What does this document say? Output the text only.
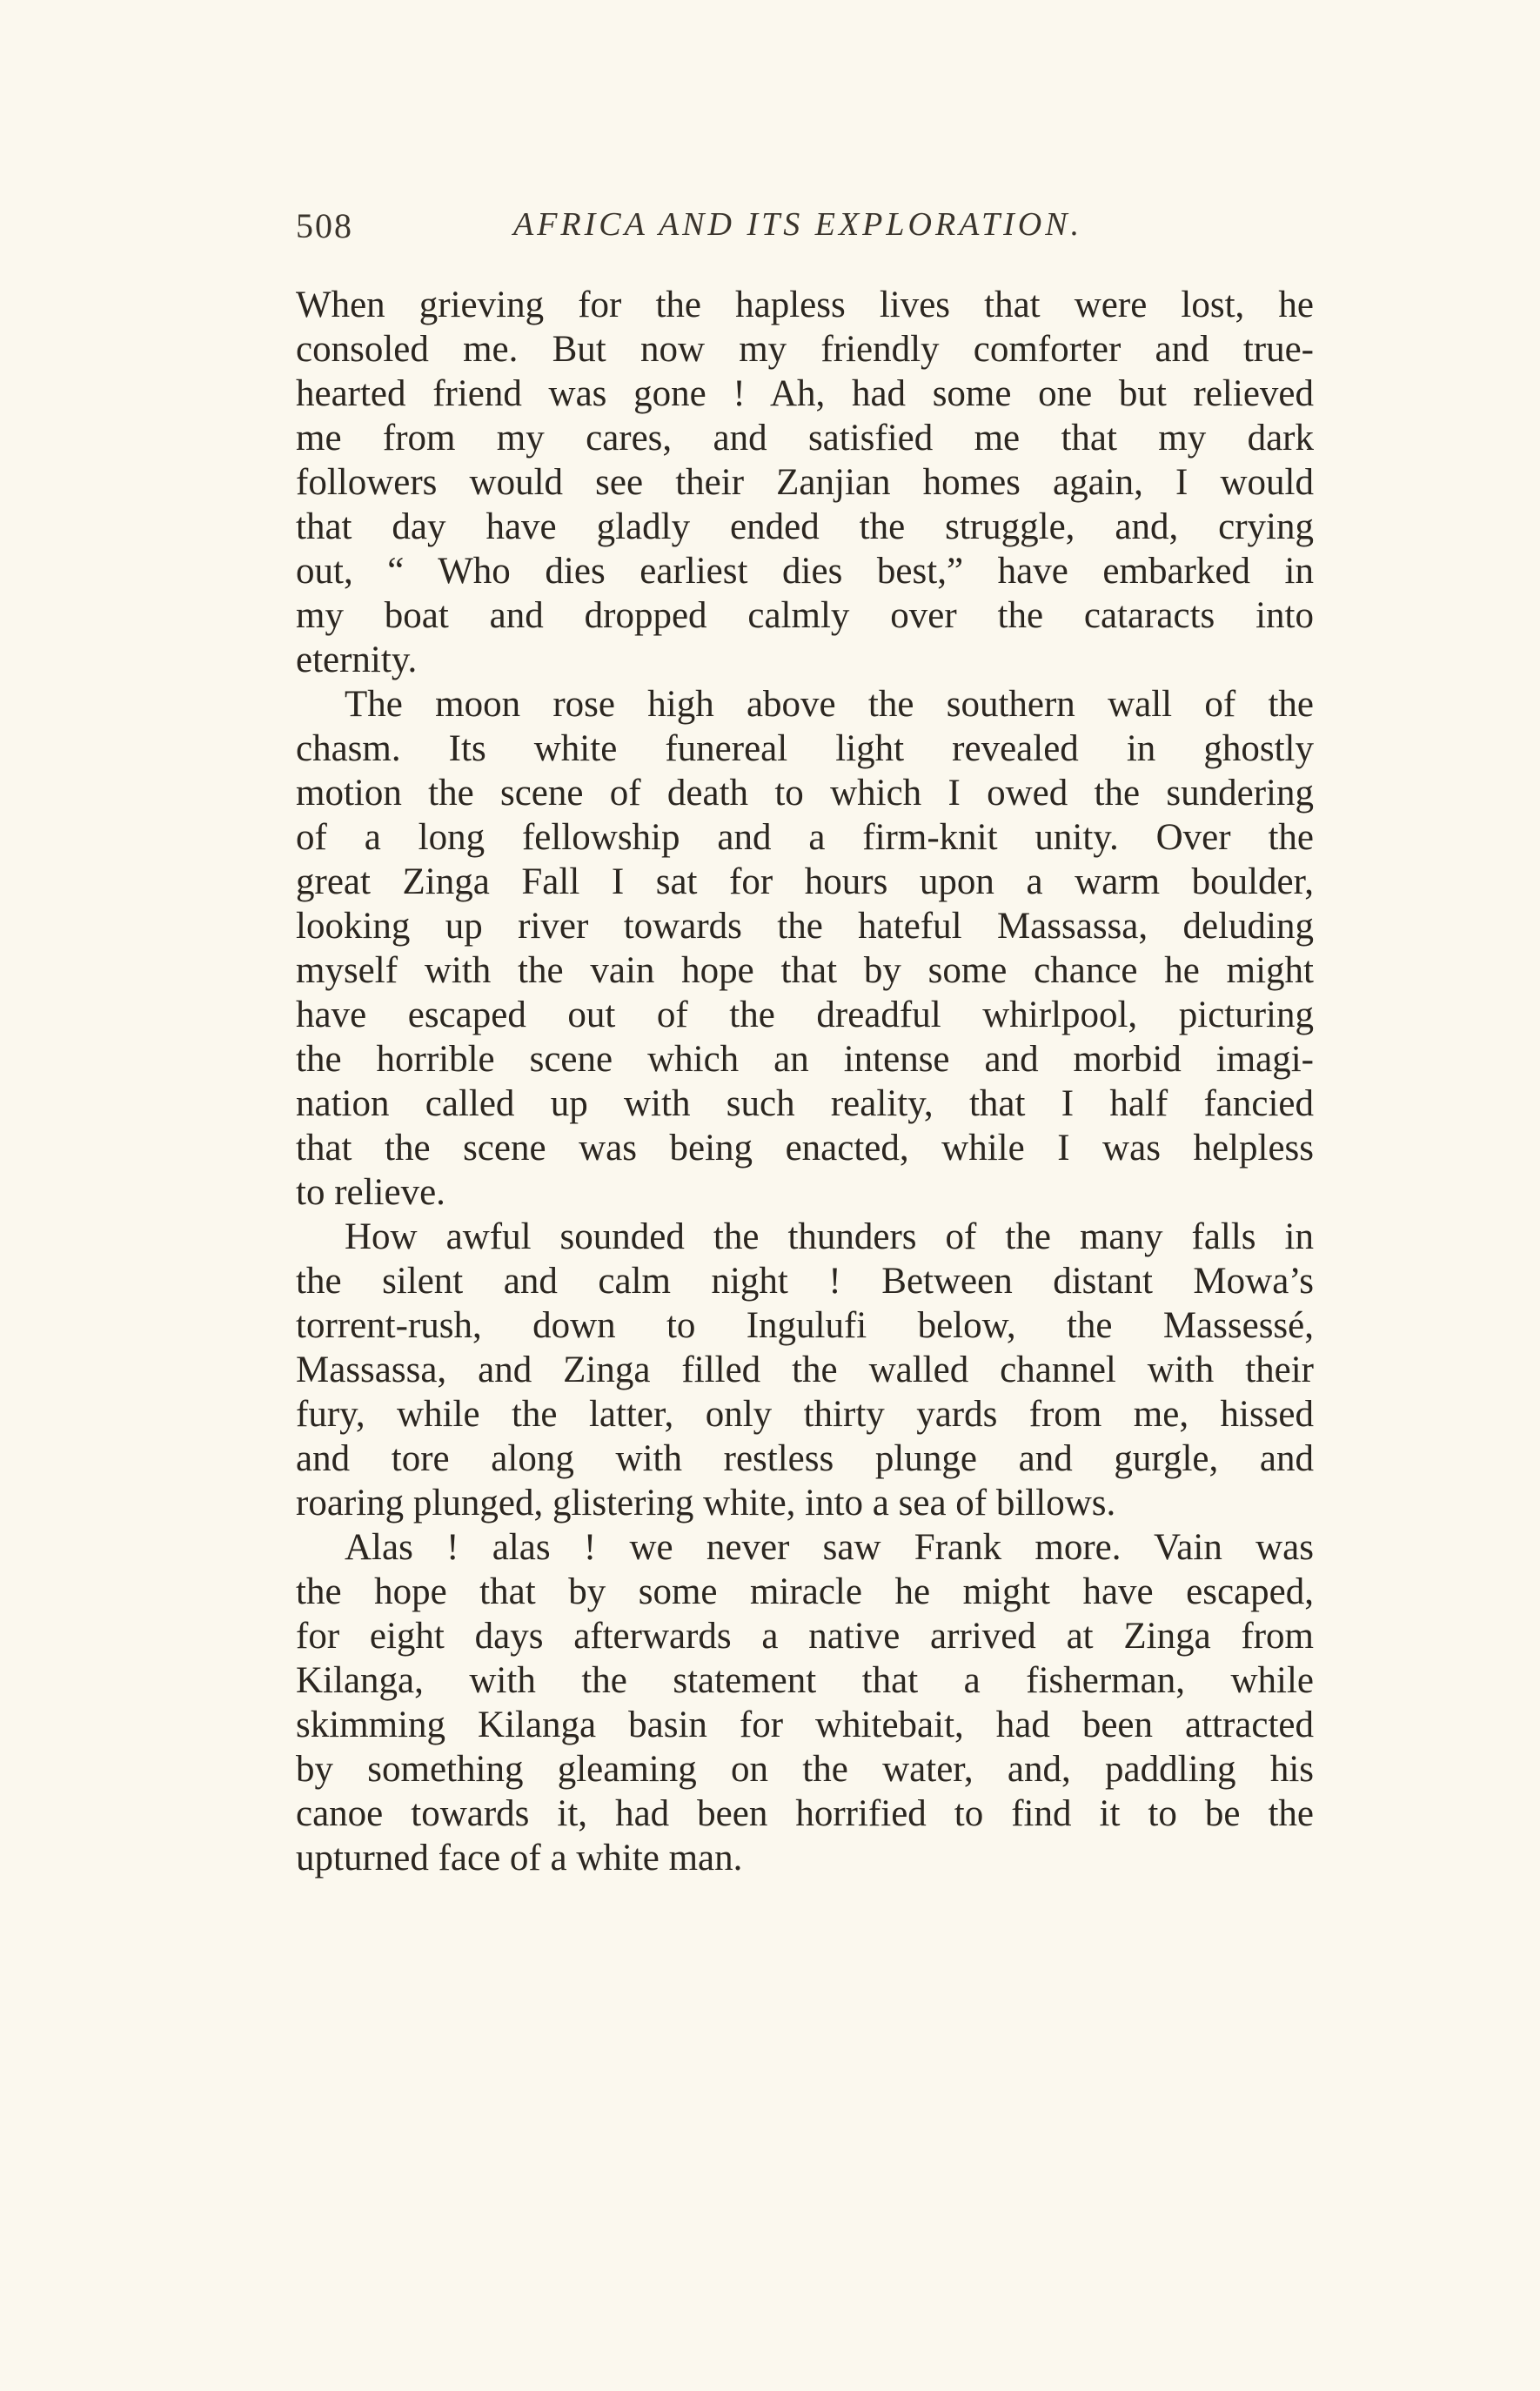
508	AFRICA AND ITS EXPLORATION.
When grieving for the hapless lives that were lost, he
consoled me. But now my friendly comforter and true-
hearted friend was gone ! Ah, had some one but relieved
me from my cares, and satisfied me that my dark
followers would see their Zanjian homes again, I would
that day have gladly ended the struggle, and, crying
out, “ Who dies earliest dies best,” have embarked in
my boat and dropped calmly over the cataracts into
eternity.
The moon rose high above the southern wall of the
chasm. Its white funereal light revealed in ghostly
motion the scene of death to which I owed the sundering
of a long fellowship and a firm-knit unity. Over the
great Zinga Fall I sat for hours upon a warm boulder,
looking up river towards the hateful Massassa, deluding
myself with the vain hope that by some chance he might
have escaped out of the dreadful whirlpool, picturing
the horrible scene which an intense and morbid imagi-
nation called up with such reality, that I half fancied
that the scene was being enacted, while I was helpless
to relieve.
How awful sounded the thunders of the many falls in
the silent and calm night ! Between distant Mowa’s
torrent-rush, down to Ingulufi below, the Massessé,
Massassa, and Zinga filled the walled channel with their
fury, while the latter, only thirty yards from me, hissed
and tore along with restless plunge and gurgle, and
roaring plunged, glistering white, into a sea of billows.
Alas ! alas ! we never saw Frank more. Vain was
the hope that by some miracle he might have escaped,
for eight days afterwards a native arrived at Zinga from
Kilanga, with the statement that a fisherman, while
skimming Kilanga basin for whitebait, had been attracted
by something gleaming on the water, and, paddling his
canoe towards it, had been horrified to find it to be the
upturned face of a white man.
